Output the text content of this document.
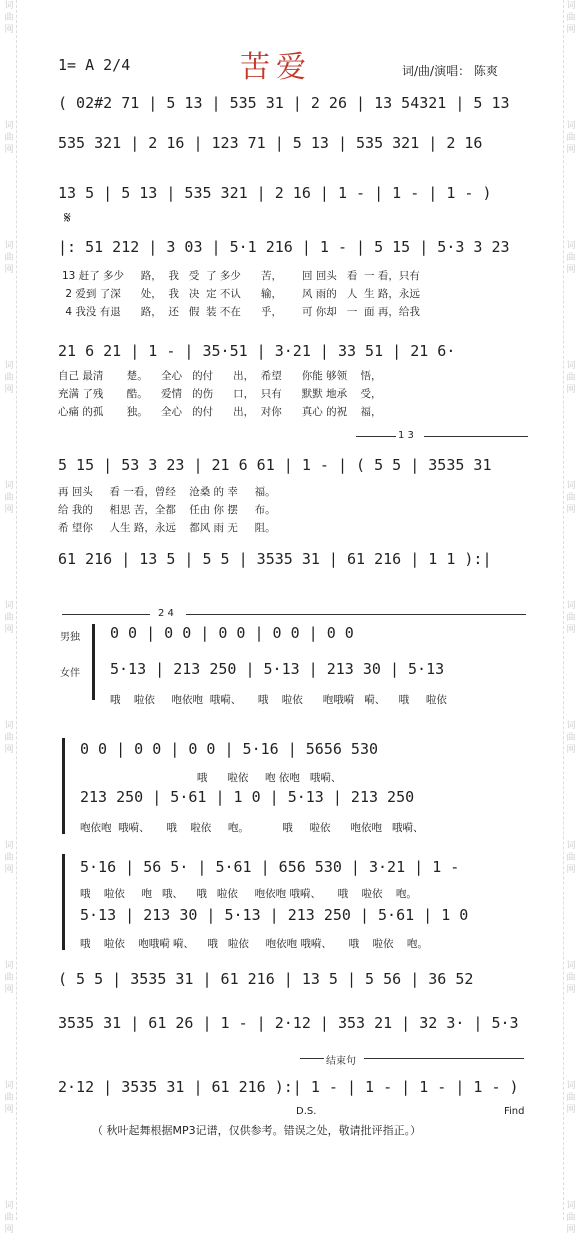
词
曲
网
词
曲
网
词
曲
网
词
曲
网
词
曲
网
词
曲
网
词
曲
网
词
曲
网
词
曲
网
词
曲
网
词
曲
网
词
曲
网
词
曲
网
词
曲
网
词
曲
网
词
曲
网
词
曲
网
词
曲
网
词
曲
网
词
曲
网
词
曲
网
词
曲
网
1= A 2/4	苦爱	词/曲/演唱： 陈爽
( 02#2 71 | 5 13 | 535 31 | 2 26 | 13 54321 | 5 13
535 321 | 2 16 | 123 71 | 5 13 | 535 321 | 2 16
13 5 | 5 13 | 535 321 | 2 16 | 1 - | 1 - | 1 - )
𝄋
|: 51 212 | 3 03 | 5·1 216 | 1 - | 5 15 | 5·3 3 23
13 赶了 多少     路，  我   受  了 多少      苦，      回 回头   看  一 看，只有
2 爱到 了深      处，  我   决  定 不认      输，      风 雨的   人  生 路，永远
4 我没 有退      路，  还   假  装 不在      乎，      可 你却   一  面 再，给我
21 6 21 | 1 - | 35·51 | 3·21 | 33 51 | 21 6·
自己 最清       楚。    全心   的付      出，  希望      你能 够领    悟，
充满 了残       酷。    爱情   的伤      口，  只有      默默 地承    受，
心痛 的孤       独。    全心   的付      出，  对你      真心 的祝    福，
1 3
5 15 | 53 3 23 | 21 6 61 | 1 - | ( 5 5 | 3535 31
再 回头     看 一看，曾经    沧桑 的 幸     福。
给 我的     相思 苦，全都    任由 你 摆     布。
希 望你     人生 路，永远    都风 雨 无     阻。
61 216 | 13 5 | 5 5 | 3535 31 | 61 216 | 1 1 ):|
2 4
男独
女伴
0 0 | 0 0 | 0 0 | 0 0 | 0 0
5·13 | 213 250 | 5·13 | 213 30 | 5·13
哦    啦依     咆依咆  哦嗬、     哦    啦依      咆哦嗬   嗬、    哦     啦依
0 0 | 0 0 | 0 0 | 5·16 | 5656 530
哦      啦依     咆 依咆   哦嗬、
213 250 | 5·61 | 1 0 | 5·13 | 213 250
咆依咆  哦嗬、     哦    啦依     咆。          哦     啦依      咆依咆   哦嗬、
5·16 | 56 5· | 5·61 | 656 530 | 3·21 | 1 -
哦    啦依     咆   哦、    哦   啦依     咆依咆 哦嗬、     哦    啦依    咆。
5·13 | 213 30 | 5·13 | 213 250 | 5·61 | 1 0
哦    啦依    咆哦嗬 嗬、    哦   啦依     咆依咆 哦嗬、     哦    啦依    咆。
( 5 5 | 3535 31 | 61 216 | 13 5 | 5 56 | 36 52
3535 31 | 61 26 | 1 - | 2·12 | 353 21 | 32 3· | 5·3
结束句
2·12 | 3535 31 | 61 216 ):| 1 - | 1 - | 1 - | 1 - )
D.S.	Find
（ 秋叶起舞根据MP3记谱，仅供参考。错误之处，敬请批评指正。）
